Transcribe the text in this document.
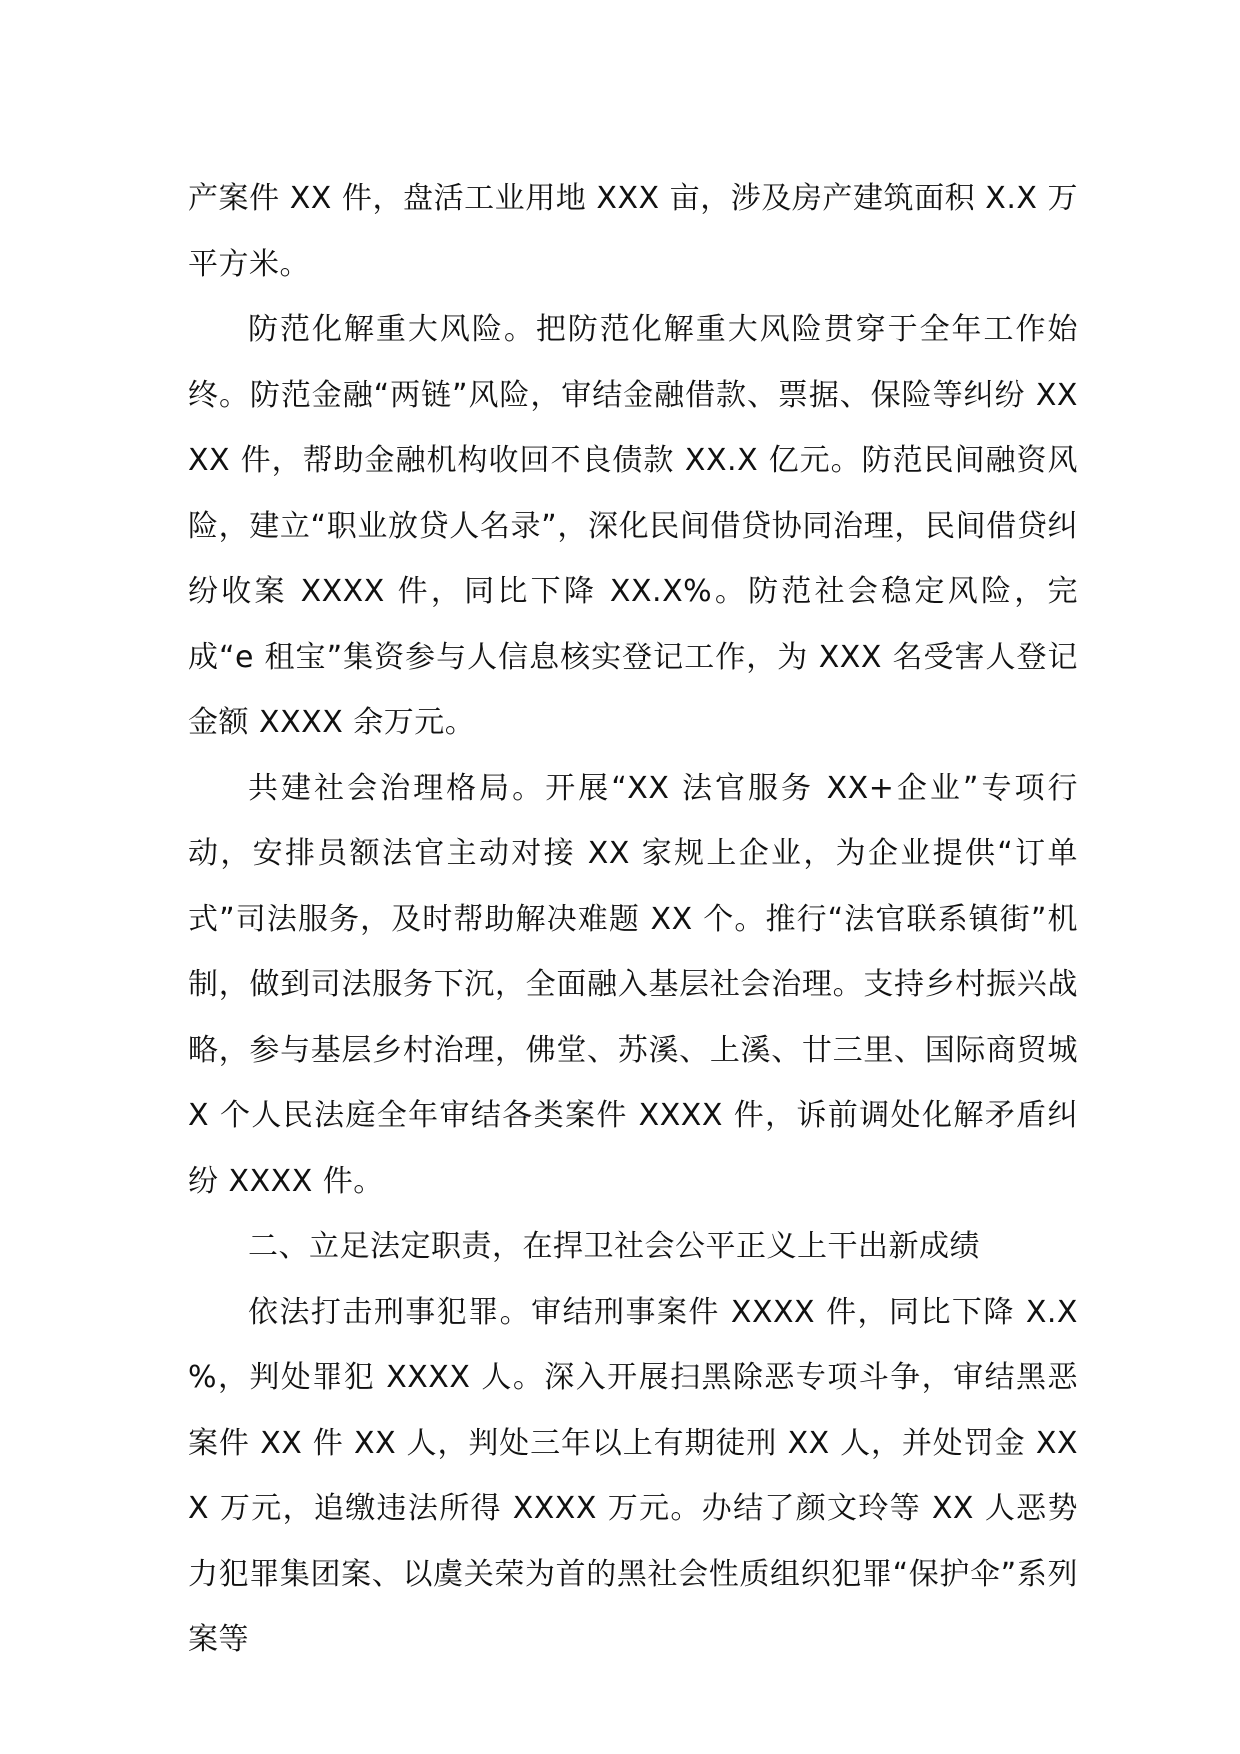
产案件 XX 件，盘活工业用地 XXX 亩，涉及房产建筑面积 X.X 万平方米。

防范化解重大风险。把防范化解重大风险贯穿于全年工作始终。防范金融“两链”风险，审结金融借款、票据、保险等纠纷 XXXX 件，帮助金融机构收回不良债款 XX.X 亿元。防范民间融资风险，建立“职业放贷人名录”，深化民间借贷协同治理，民间借贷纠纷收案 XXXX 件，同比下降 XX.X%。防范社会稳定风险，完成“e 租宝”集资参与人信息核实登记工作，为 XXX 名受害人登记金额 XXXX 余万元。

共建社会治理格局。开展“XX 法官服务 XX+企业”专项行动，安排员额法官主动对接 XX 家规上企业，为企业提供“订单式”司法服务，及时帮助解决难题 XX 个。推行“法官联系镇街”机制，做到司法服务下沉，全面融入基层社会治理。支持乡村振兴战略，参与基层乡村治理，佛堂、苏溪、上溪、廿三里、国际商贸城 X 个人民法庭全年审结各类案件 XXXX 件，诉前调处化解矛盾纠纷 XXXX 件。

二、立足法定职责，在捍卫社会公平正义上干出新成绩

依法打击刑事犯罪。审结刑事案件 XXXX 件，同比下降 X.X %，判处罪犯 XXXX 人。深入开展扫黑除恶专项斗争，审结黑恶案件 XX 件 XX 人，判处三年以上有期徒刑 XX 人，并处罚金 XXX 万元，追缴违法所得 XXXX 万元。办结了颜文玲等 XX 人恶势力犯罪集团案、以虞关荣为首的黑社会性质组织犯罪“保护伞”系列案等
